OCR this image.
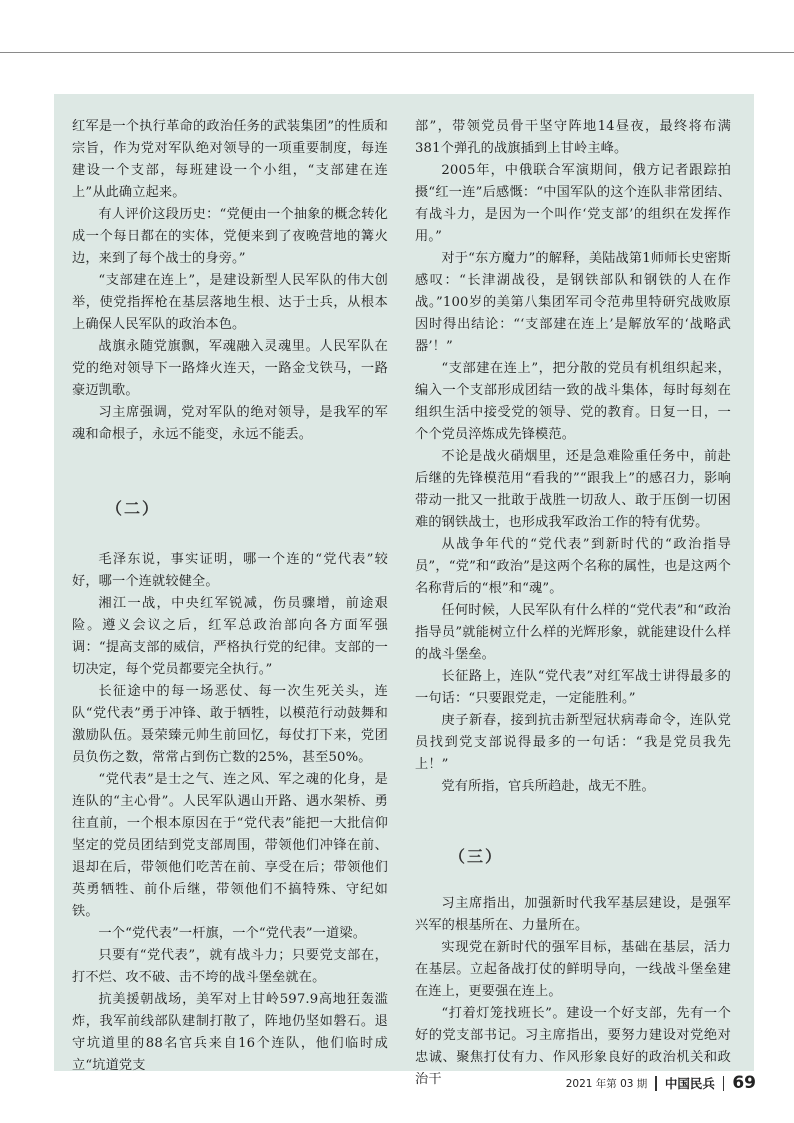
红军是一个执行革命的政治任务的武装集团”的性质和宗旨，作为党对军队绝对领导的一项重要制度，每连建设一个支部，每班建设一个小组，“支部建在连上”从此确立起来。

有人评价这段历史：“党便由一个抽象的概念转化成一个每日都在的实体，党便来到了夜晚营地的篝火边，来到了每个战士的身旁。”

“支部建在连上”，是建设新型人民军队的伟大创举，使党指挥枪在基层落地生根、达于士兵，从根本上确保人民军队的政治本色。

战旗永随党旗飘，军魂融入灵魂里。人民军队在党的绝对领导下一路烽火连天，一路金戈铁马，一路豪迈凯歌。

习主席强调，党对军队的绝对领导，是我军的军魂和命根子，永远不能变，永远不能丢。

（二）

毛泽东说，事实证明，哪一个连的“党代表”较好，哪一个连就较健全。

湘江一战，中央红军锐减，伤员骤增，前途艰险。遵义会议之后，红军总政治部向各方面军强调：“提高支部的威信，严格执行党的纪律。支部的一切决定，每个党员都要完全执行。”

长征途中的每一场恶仗、每一次生死关头，连队“党代表”勇于冲锋、敢于牺牲，以模范行动鼓舞和激励队伍。聂荣臻元帅生前回忆，每仗打下来，党团员负伤之数，常常占到伤亡数的25%，甚至50%。

“党代表”是士之气、连之风、军之魂的化身，是连队的“主心骨”。人民军队遇山开路、遇水架桥、勇往直前，一个根本原因在于“党代表”能把一大批信仰坚定的党员团结到党支部周围，带领他们冲锋在前、退却在后，带领他们吃苦在前、享受在后；带领他们英勇牺牲、前仆后继，带领他们不搞特殊、守纪如铁。

一个“党代表”一杆旗，一个“党代表”一道梁。

只要有“党代表”，就有战斗力；只要党支部在，打不烂、攻不破、击不垮的战斗堡垒就在。

抗美援朝战场，美军对上甘岭597.9高地狂轰滥炸，我军前线部队建制打散了，阵地仍坚如磐石。退守坑道里的88名官兵来自16个连队，他们临时成立“坑道党支

部”，带领党员骨干坚守阵地14昼夜，最终将布满381个弹孔的战旗插到上甘岭主峰。

2005年，中俄联合军演期间，俄方记者跟踪拍摄“红一连”后感慨：“中国军队的这个连队非常团结、有战斗力，是因为一个叫作‘党支部’的组织在发挥作用。”

对于“东方魔力”的解释，美陆战第1师师长史密斯感叹：“长津湖战役，是钢铁部队和钢铁的人在作战。”100岁的美第八集团军司令范弗里特研究战败原因时得出结论：“‘支部建在连上’是解放军的‘战略武器’！”

“支部建在连上”，把分散的党员有机组织起来，编入一个支部形成团结一致的战斗集体，每时每刻在组织生活中接受党的领导、党的教育。日复一日，一个个党员淬炼成先锋模范。

不论是战火硝烟里，还是急难险重任务中，前赴后继的先锋模范用“看我的”“跟我上”的感召力，影响带动一批又一批敢于战胜一切敌人、敢于压倒一切困难的钢铁战士，也形成我军政治工作的特有优势。

从战争年代的“党代表”到新时代的“政治指导员”，“党”和“政治”是这两个名称的属性，也是这两个名称背后的“根”和“魂”。

任何时候，人民军队有什么样的“党代表”和“政治指导员”就能树立什么样的光辉形象，就能建设什么样的战斗堡垒。

长征路上，连队“党代表”对红军战士讲得最多的一句话：“只要跟党走，一定能胜利。”

庚子新春，接到抗击新型冠状病毒命令，连队党员找到党支部说得最多的一句话：“我是党员我先上！”

党有所指，官兵所趋赴，战无不胜。

（三）

习主席指出，加强新时代我军基层建设，是强军兴军的根基所在、力量所在。

实现党在新时代的强军目标，基础在基层，活力在基层。立起备战打仗的鲜明导向，一线战斗堡垒建在连上，更要强在连上。

“打着灯笼找班长”。建设一个好支部，先有一个好的党支部书记。习主席指出，要努力建设对党绝对忠诚、聚焦打仗有力、作风形象良好的政治机关和政治干	2021 年第 03 期 中国民兵 69
